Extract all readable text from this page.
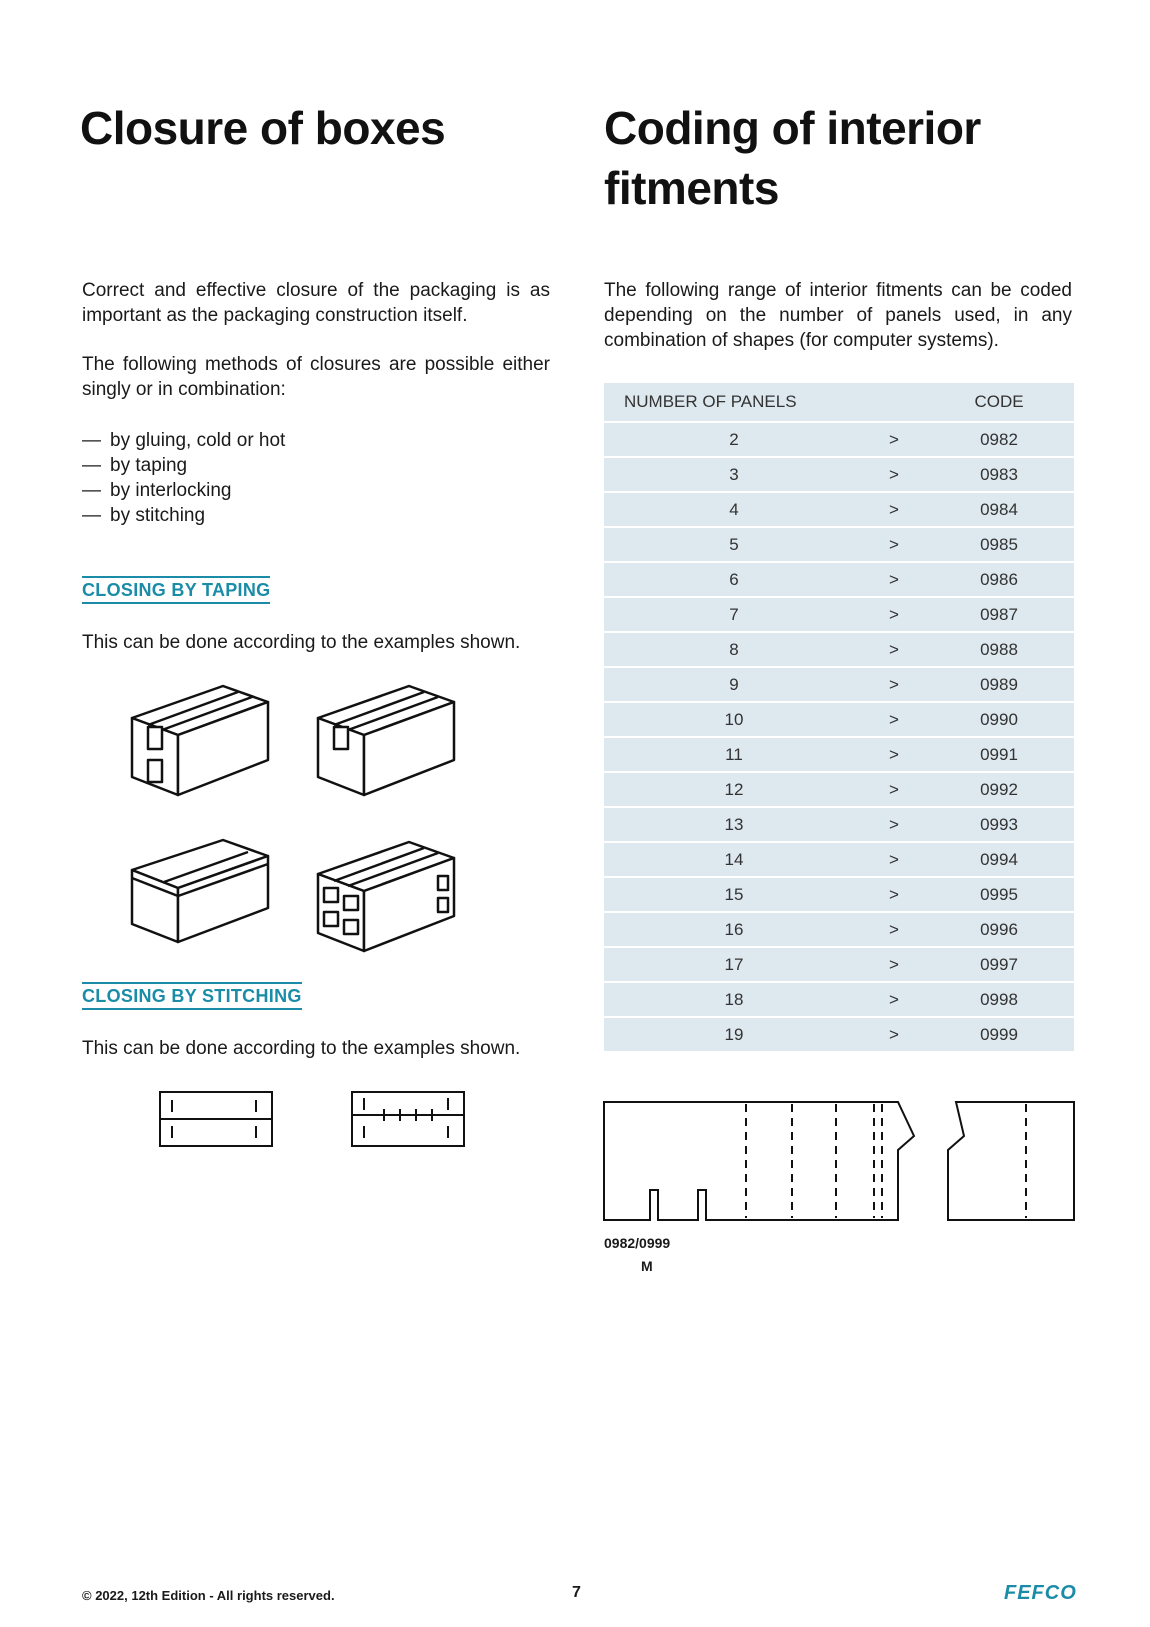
Closure of boxes

Correct and effective closure of the packaging is as important as the packaging construction itself.

The following methods of closures are possible either singly or in combination:

— by gluing, cold or hot
— by taping
— by interlocking
— by stitching
CLOSING BY TAPING
This can be done according to the examples shown.
CLOSING BY STITCHING
This can be done according to the examples shown.
Coding of interior fitments

The following range of interior fitments can be coded depending on the number of panels used, in any combination of shapes (for computer systems).

NUMBER OF PANELS		CODE
2	>	0982
3	>	0983
4	>	0984
5	>	0985
6	>	0986
7	>	0987
8	>	0988
9	>	0989
10	>	0990
11	>	0991
12	>	0992
13	>	0993
14	>	0994
15	>	0995
16	>	0996
17	>	0997
18	>	0998
19	>	0999
0982/0999
M
© 2022, 12th Edition - All rights reserved.	7	FEFCO
